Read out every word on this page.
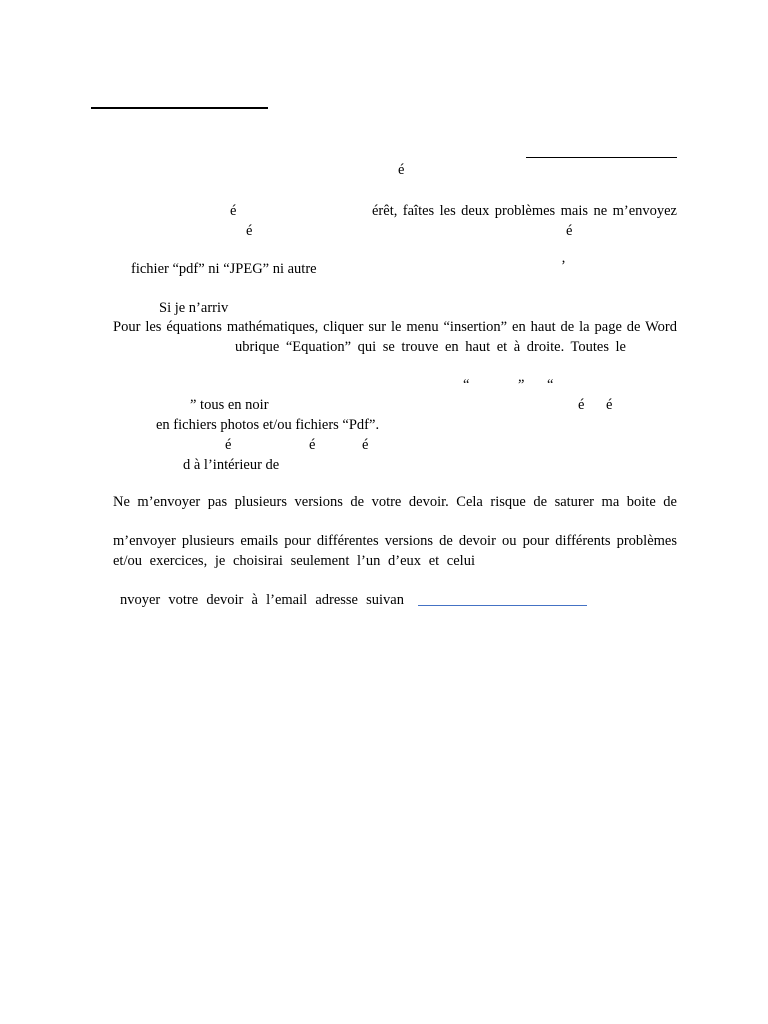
é
é	érêt, faîtes les deux problèmes mais ne m’envoyez
é	é
fichier “pdf” ni “JPEG” ni autre	’
Si je n’arriv
Pour les équations mathématiques, cliquer sur le menu “insertion” en haut de la page de Word
ubrique “Equation” qui se trouve en haut et à droite. Toutes le
“	” “
” tous en noir	é é
en fichiers photos et/ou fichiers “Pdf”.
é	é	é
d à l’intérieur de
Ne m’envoyer pas plusieurs versions de votre devoir. Cela risque de saturer ma boite de
m’envoyer plusieurs emails pour différentes versions de devoir ou pour différents problèmes
et/ou exercices, je choisirai seulement l’un d’eux et celui
nvoyer votre devoir à l’email adresse suivan
